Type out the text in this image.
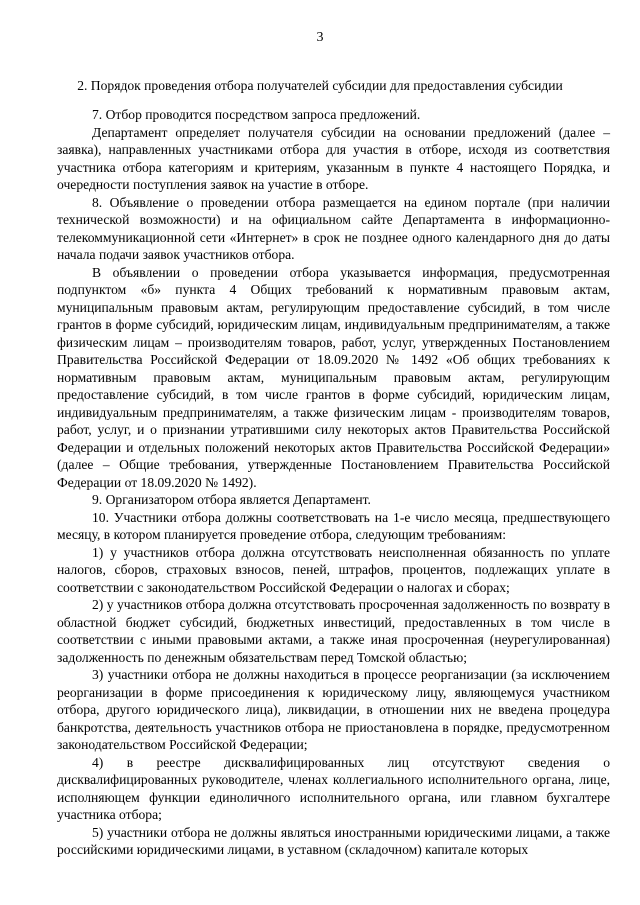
3
2. Порядок проведения отбора получателей субсидии для предоставления субсидии

7. Отбор проводится посредством запроса предложений.

Департамент определяет получателя субсидии на основании предложений (далее – заявка), направленных участниками отбора для участия в отборе, исходя из соответствия участника отбора категориям и критериям, указанным в пункте 4 настоящего Порядка, и очередности поступления заявок на участие в отборе.

8. Объявление о проведении отбора размещается на едином портале (при наличии технической возможности) и на официальном сайте Департамента в информационно-телекоммуникационной сети «Интернет» в срок не позднее одного календарного дня до даты начала подачи заявок участников отбора.

В объявлении о проведении отбора указывается информация, предусмотренная подпунктом «б» пункта 4 Общих требований к нормативным правовым актам, муниципальным правовым актам, регулирующим предоставление субсидий, в том числе грантов в форме субсидий, юридическим лицам, индивидуальным предпринимателям, а также физическим лицам – производителям товаров, работ, услуг, утвержденных Постановлением Правительства Российской Федерации от 18.09.2020 № 1492 «Об общих требованиях к нормативным правовым актам, муниципальным правовым актам, регулирующим предоставление субсидий, в том числе грантов в форме субсидий, юридическим лицам, индивидуальным предпринимателям, а также физическим лицам - производителям товаров, работ, услуг, и о признании утратившими силу некоторых актов Правительства Российской Федерации и отдельных положений некоторых актов Правительства Российской Федерации» (далее – Общие требования, утвержденные Постановлением Правительства Российской Федерации от 18.09.2020 № 1492).

9. Организатором отбора является Департамент.

10. Участники отбора должны соответствовать на 1-е число месяца, предшествующего месяцу, в котором планируется проведение отбора, следующим требованиям:

1) у участников отбора должна отсутствовать неисполненная обязанность по уплате налогов, сборов, страховых взносов, пеней, штрафов, процентов, подлежащих уплате в соответствии с законодательством Российской Федерации о налогах и сборах;

2) у участников отбора должна отсутствовать просроченная задолженность по возврату в областной бюджет субсидий, бюджетных инвестиций, предоставленных в том числе в соответствии с иными правовыми актами, а также иная просроченная (неурегулированная) задолженность по денежным обязательствам перед Томской областью;

3) участники отбора не должны находиться в процессе реорганизации (за исключением реорганизации в форме присоединения к юридическому лицу, являющемуся участником отбора, другого юридического лица), ликвидации, в отношении них не введена процедура банкротства, деятельность участников отбора не приостановлена в порядке, предусмотренном законодательством Российской Федерации;

4) в реестре дисквалифицированных лиц отсутствуют сведения о дисквалифицированных руководителе, членах коллегиального исполнительного органа, лице, исполняющем функции единоличного исполнительного органа, или главном бухгалтере участника отбора;

5) участники отбора не должны являться иностранными юридическими лицами, а также российскими юридическими лицами, в уставном (складочном) капитале которых
